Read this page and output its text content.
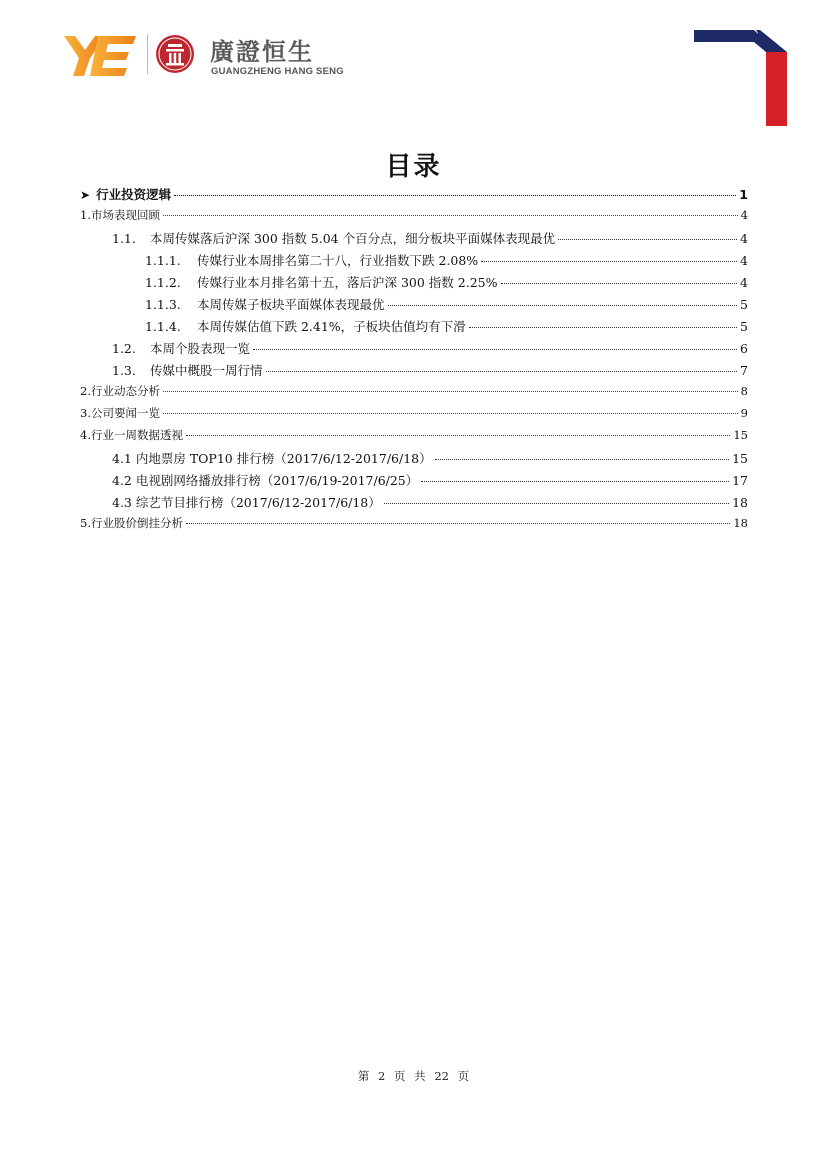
廣證恒生
GUANGZHENG HANG SENG
目录
➤ 行业投资逻辑	1
1.市场表现回顾	4
1.1.	本周传媒落后沪深 300 指数 5.04 个百分点，细分板块平面媒体表现最优	4
1.1.1.	传媒行业本周排名第二十八，行业指数下跌 2.08%	4
1.1.2.	传媒行业本月排名第十五，落后沪深 300 指数 2.25%	4
1.1.3.	本周传媒子板块平面媒体表现最优	5
1.1.4.	本周传媒估值下跌 2.41%，子板块估值均有下滑	5
1.2.	本周个股表现一览	6
1.3.	传媒中概股一周行情	7
2.行业动态分析	8
3.公司要闻一览	9
4.行业一周数据透视	15
4.1 内地票房 TOP10 排行榜（2017/6/12-2017/6/18）	15
4.2 电视剧网络播放排行榜（2017/6/19-2017/6/25）	17
4.3 综艺节目排行榜（2017/6/12-2017/6/18）	18
5.行业股价倒挂分析	18
第 2 页 共 22 页
